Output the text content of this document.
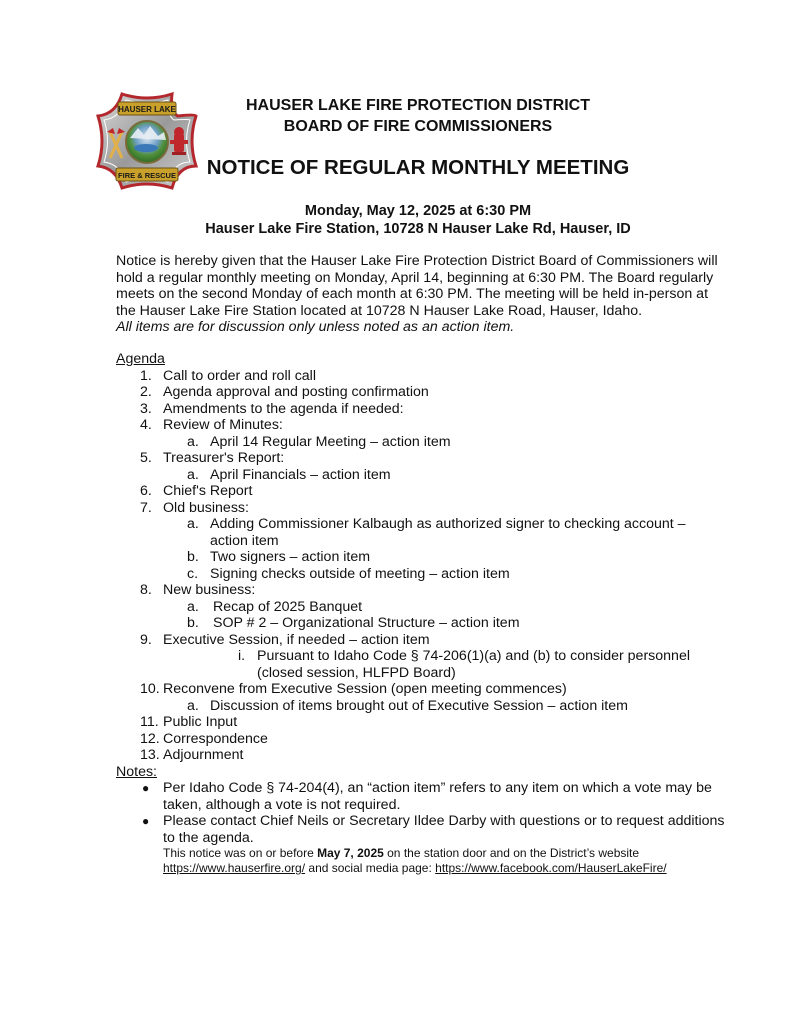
HAUSER LAKE
FIRE & RESCUE
HAUSER LAKE FIRE PROTECTION DISTRICT
BOARD OF FIRE COMMISSIONERS
NOTICE OF REGULAR MONTHLY MEETING
Monday, May 12, 2025 at 6:30 PM
Hauser Lake Fire Station, 10728 N Hauser Lake Rd, Hauser, ID
Notice is hereby given that the Hauser Lake Fire Protection District Board of Commissioners will hold a regular monthly meeting on Monday, April 14, beginning at 6:30 PM. The Board regularly meets on the second Monday of each month at 6:30 PM. The meeting will be held in-person at the Hauser Lake Fire Station located at 10728 N Hauser Lake Road, Hauser, Idaho.
All items are for discussion only unless noted as an action item.
Agenda
1. Call to order and roll call
2. Agenda approval and posting confirmation
3. Amendments to the agenda if needed:
4. Review of Minutes:
a. April 14 Regular Meeting – action item
5. Treasurer's Report:
a. April Financials – action item
6. Chief's Report
7. Old business:
a. Adding Commissioner Kalbaugh as authorized signer to checking account – action item
b. Two signers – action item
c. Signing checks outside of meeting – action item
8. New business:
a. Recap of 2025 Banquet
b. SOP # 2 – Organizational Structure – action item
9. Executive Session, if needed – action item
i. Pursuant to Idaho Code § 74-206(1)(a) and (b) to consider personnel (closed session, HLFPD Board)
10. Reconvene from Executive Session (open meeting commences)
a. Discussion of items brought out of Executive Session – action item
11. Public Input
12. Correspondence
13. Adjournment
Notes:
● Per Idaho Code § 74-204(4), an “action item” refers to any item on which a vote may be taken, although a vote is not required.
● Please contact Chief Neils or Secretary Ildee Darby with questions or to request additions to the agenda.
This notice was on or before May 7, 2025 on the station door and on the District’s website
https://www.hauserfire.org/ and social media page: https://www.facebook.com/HauserLakeFire/
